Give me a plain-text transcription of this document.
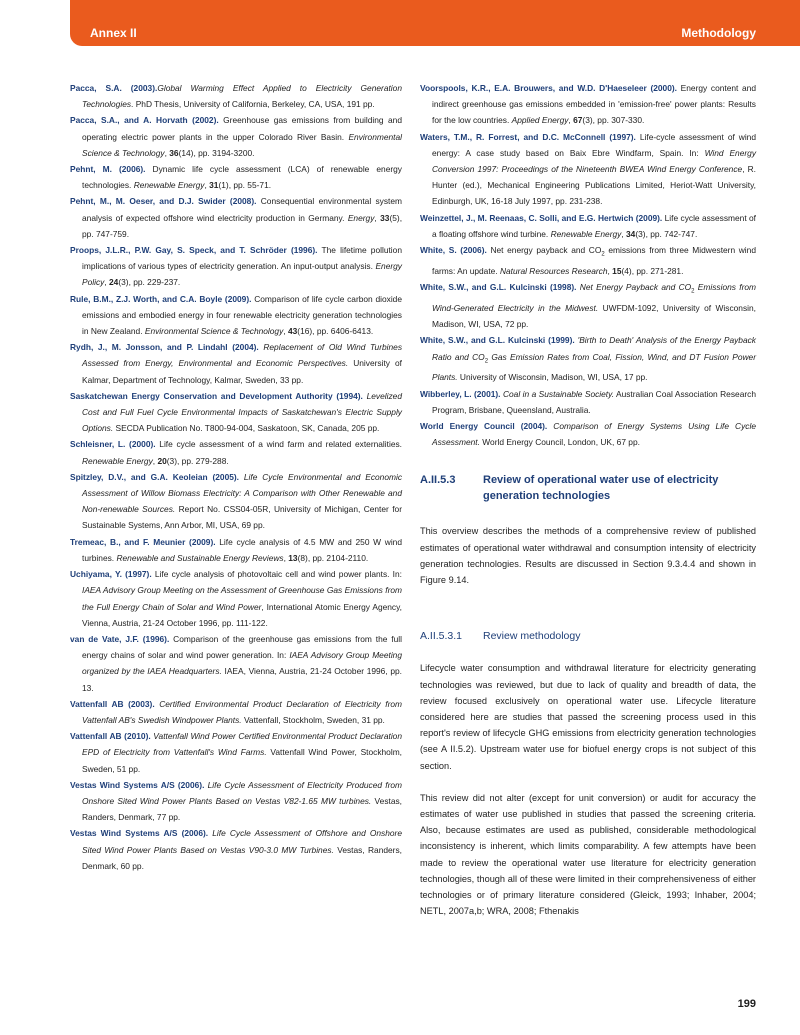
Annex II	Methodology

Pacca, S.A. (2003).Global Warming Effect Applied to Electricity Generation Technologies. PhD Thesis, University of California, Berkeley, CA, USA, 191 pp.

Pacca, S.A., and A. Horvath (2002). Greenhouse gas emissions from building and operating electric power plants in the upper Colorado River Basin. Environmental Science & Technology, 36(14), pp. 3194-3200.

Pehnt, M. (2006). Dynamic life cycle assessment (LCA) of renewable energy technologies. Renewable Energy, 31(1), pp. 55-71.

Pehnt, M., M. Oeser, and D.J. Swider (2008). Consequential environmental system analysis of expected offshore wind electricity production in Germany. Energy, 33(5), pp. 747-759.

Proops, J.L.R., P.W. Gay, S. Speck, and T. Schröder (1996). The lifetime pollution implications of various types of electricity generation. An input-output analysis. Energy Policy, 24(3), pp. 229-237.

Rule, B.M., Z.J. Worth, and C.A. Boyle (2009). Comparison of life cycle carbon dioxide emissions and embodied energy in four renewable electricity generation technologies in New Zealand. Environmental Science & Technology, 43(16), pp. 6406-6413.

Rydh, J., M. Jonsson, and P. Lindahl (2004). Replacement of Old Wind Turbines Assessed from Energy, Environmental and Economic Perspectives. University of Kalmar, Department of Technology, Kalmar, Sweden, 33 pp.

Saskatchewan Energy Conservation and Development Authority (1994). Levelized Cost and Full Fuel Cycle Environmental Impacts of Saskatchewan's Electric Supply Options. SECDA Publication No. T800-94-004, Saskatoon, SK, Canada, 205 pp.

Schleisner, L. (2000). Life cycle assessment of a wind farm and related externalities. Renewable Energy, 20(3), pp. 279-288.

Spitzley, D.V., and G.A. Keoleian (2005). Life Cycle Environmental and Economic Assessment of Willow Biomass Electricity: A Comparison with Other Renewable and Non-renewable Sources. Report No. CSS04-05R, University of Michigan, Center for Sustainable Systems, Ann Arbor, MI, USA, 69 pp.

Tremeac, B., and F. Meunier (2009). Life cycle analysis of 4.5 MW and 250 W wind turbines. Renewable and Sustainable Energy Reviews, 13(8), pp. 2104-2110.

Uchiyama, Y. (1997). Life cycle analysis of photovoltaic cell and wind power plants. In: IAEA Advisory Group Meeting on the Assessment of Greenhouse Gas Emissions from the Full Energy Chain of Solar and Wind Power, International Atomic Energy Agency, Vienna, Austria, 21-24 October 1996, pp. 111-122.

van de Vate, J.F. (1996). Comparison of the greenhouse gas emissions from the full energy chains of solar and wind power generation. In: IAEA Advisory Group Meeting organized by the IAEA Headquarters. IAEA, Vienna, Austria, 21-24 October 1996, pp. 13.

Vattenfall AB (2003). Certified Environmental Product Declaration of Electricity from Vattenfall AB's Swedish Windpower Plants. Vattenfall, Stockholm, Sweden, 31 pp.

Vattenfall AB (2010). Vattenfall Wind Power Certified Environmental Product Declaration EPD of Electricity from Vattenfall's Wind Farms. Vattenfall Wind Power, Stockholm, Sweden, 51 pp.

Vestas Wind Systems A/S (2006). Life Cycle Assessment of Electricity Produced from Onshore Sited Wind Power Plants Based on Vestas V82-1.65 MW turbines. Vestas, Randers, Denmark, 77 pp.

Vestas Wind Systems A/S (2006). Life Cycle Assessment of Offshore and Onshore Sited Wind Power Plants Based on Vestas V90-3.0 MW Turbines. Vestas, Randers, Denmark, 60 pp.

Voorspools, K.R., E.A. Brouwers, and W.D. D'Haeseleer (2000). Energy content and indirect greenhouse gas emissions embedded in 'emission-free' power plants: Results for the low countries. Applied Energy, 67(3), pp. 307-330.

Waters, T.M., R. Forrest, and D.C. McConnell (1997). Life-cycle assessment of wind energy: A case study based on Baix Ebre Windfarm, Spain. In: Wind Energy Conversion 1997: Proceedings of the Nineteenth BWEA Wind Energy Conference, R. Hunter (ed.), Mechanical Engineering Publications Limited, Heriot-Watt University, Edinburgh, UK, 16-18 July 1997, pp. 231-238.

Weinzettel, J., M. Reenaas, C. Solli, and E.G. Hertwich (2009). Life cycle assessment of a floating offshore wind turbine. Renewable Energy, 34(3), pp. 742-747.

White, S. (2006). Net energy payback and $CO_2$ emissions from three Midwestern wind farms: An update. Natural Resources Research, 15(4), pp. 271-281.

White, S.W., and G.L. Kulcinski (1998). Net Energy Payback and $CO_2$ Emissions from Wind-Generated Electricity in the Midwest. UWFDM-1092, University of Wisconsin, Madison, WI, USA, 72 pp.

White, S.W., and G.L. Kulcinski (1999). 'Birth to Death' Analysis of the Energy Payback Ratio and $CO_2$ Gas Emission Rates from Coal, Fission, Wind, and DT Fusion Power Plants. University of Wisconsin, Madison, WI, USA, 17 pp.

Wibberley, L. (2001). Coal in a Sustainable Society. Australian Coal Association Research Program, Brisbane, Queensland, Australia.

World Energy Council (2004). Comparison of Energy Systems Using Life Cycle Assessment. World Energy Council, London, UK, 67 pp.

A.II.5.3	Review of operational water use of electricity generation technologies

This overview describes the methods of a comprehensive review of published estimates of operational water withdrawal and consumption intensity of electricity generation technologies. Results are discussed in Section 9.3.4.4 and shown in Figure 9.14.

A.II.5.3.1	Review methodology

Lifecycle water consumption and withdrawal literature for electricity generating technologies was reviewed, but due to lack of quality and breadth of data, the review focused exclusively on operational water use. Lifecycle literature considered here are studies that passed the screening process used in this report's review of lifecycle GHG emissions from electricity generation technologies (see A II.5.2). Upstream water use for biofuel energy crops is not subject of this section.

This review did not alter (except for unit conversion) or audit for accuracy the estimates of water use published in studies that passed the screening criteria. Also, because estimates are used as published, considerable methodological inconsistency is inherent, which limits comparability. A few attempts have been made to review the operational water use literature for electricity generation technologies, though all of these were limited in their comprehensiveness of either technologies or of primary literature considered (Gleick, 1993; Inhaber, 2004; NETL, 2007a,b; WRA, 2008; Fthenakis

199
